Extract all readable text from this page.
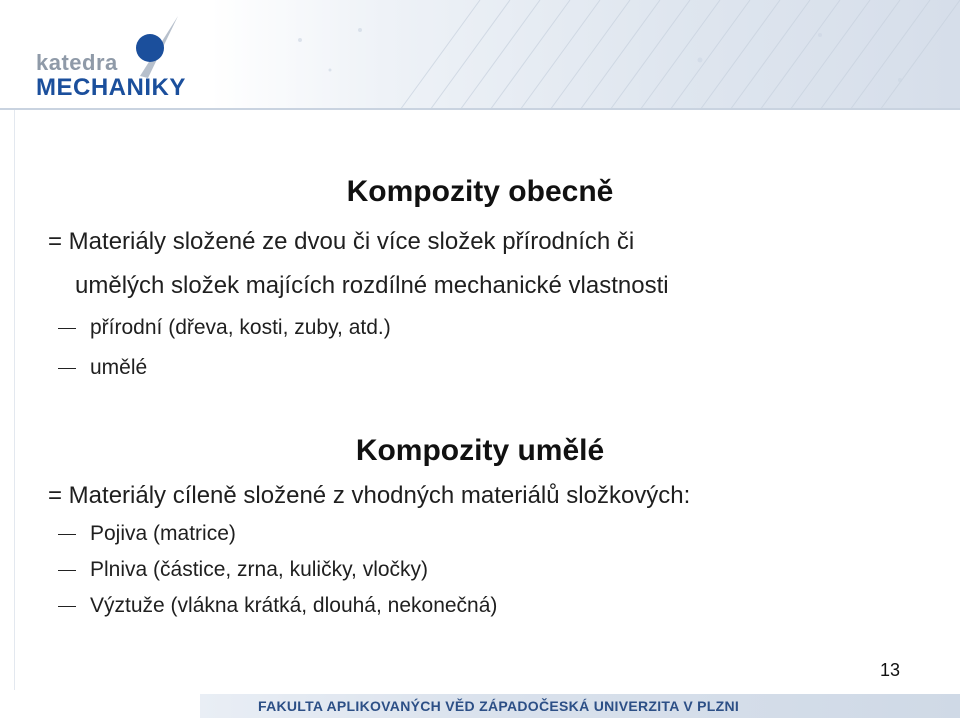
katedra
MECHANIKY
Kompozity obecně
= Materiály složené ze dvou či více složek přírodních či
umělých složek majících rozdílné mechanické vlastnosti
přírodní (dřeva, kosti, zuby, atd.)
umělé
Kompozity umělé
= Materiály cíleně složené z vhodných materiálů složkových:
Pojiva (matrice)
Plniva (částice, zrna, kuličky, vločky)
Výztuže (vlákna krátká, dlouhá, nekonečná)
13
FAKULTA APLIKOVANÝCH VĚD ZÁPADOČESKÁ UNIVERZITA V PLZNI
